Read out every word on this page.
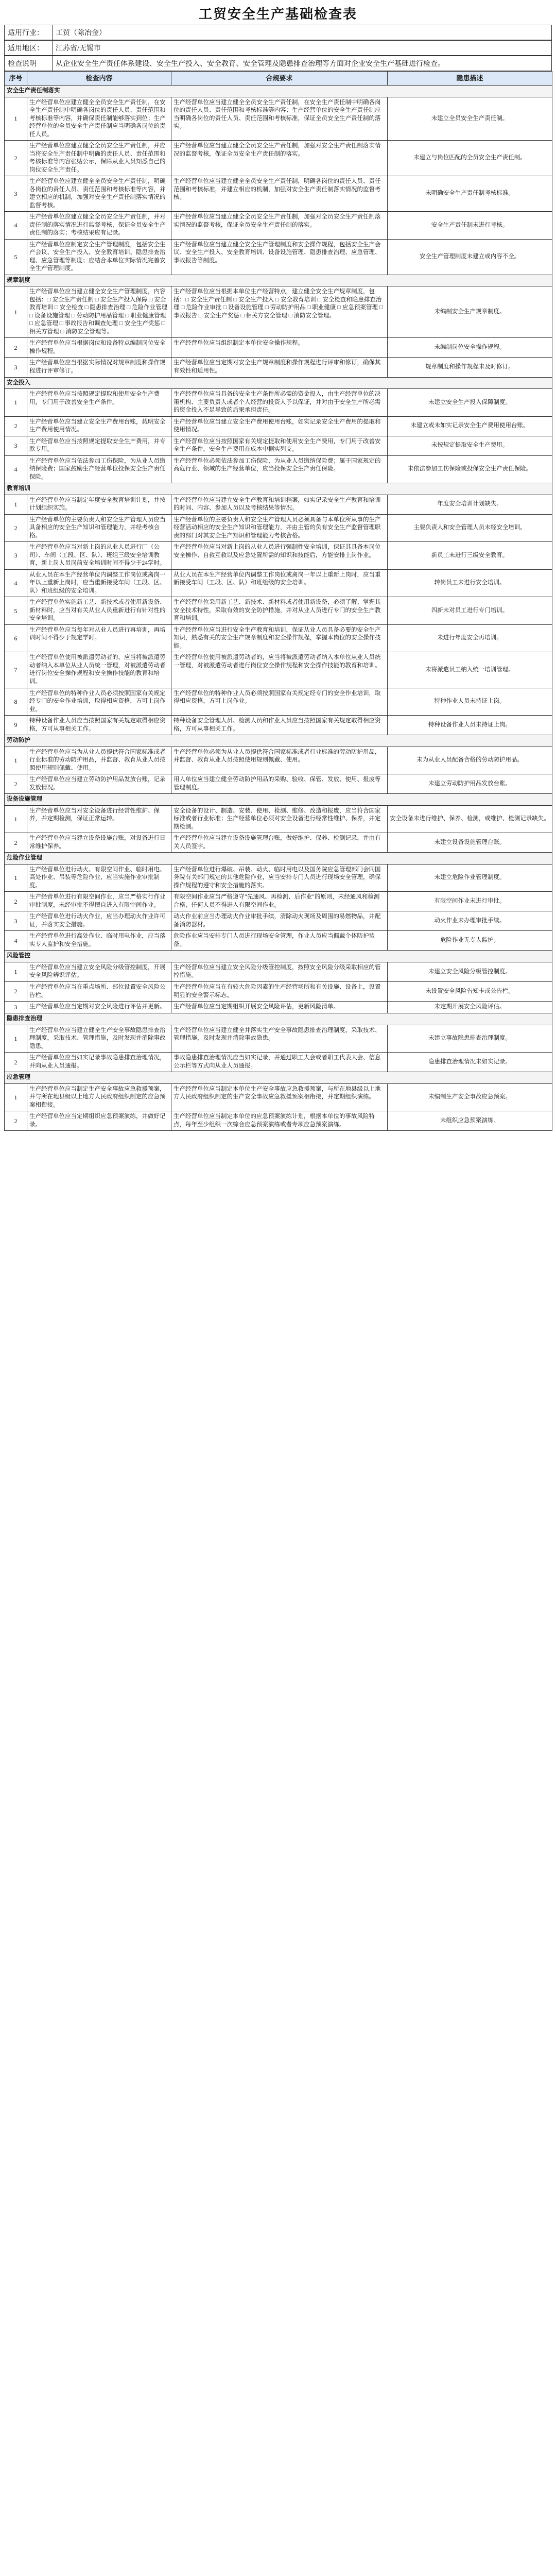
工贸安全生产基础检查表
适用行业：	工贸（除冶金）
适用地区：	江苏省/无锡市
检查说明	从企业安全生产责任体系建设、安全生产投入、安全教育、安全管理及隐患排查治理等方面对企业安全生产基础进行检查。
序号	检查内容	合规要求	隐患描述
安全生产责任制落实			
1	生产经营单位应建立健全全员安全生产责任制，在安全生产责任制中明确各岗位的责任人员、责任范围和考核标准等内容，并确保责任制能够落实到位；生产经营单位的全员安全生产责任制应当明确各岗位的责任人员。	生产经营单位应当建立健全全员安全生产责任制，在安全生产责任制中明确各岗位的责任人员、责任范围和考核标准等内容；生产经营单位的安全生产责任制应当明确各岗位的责任人员、责任范围和考核标准，保证全员安全生产责任制的落实。	未建立全员安全生产责任制。
2	生产经营单位应建立健全全员安全生产责任制，并应当将安全生产责任制中明确的责任人员、责任范围和考核标准等内容张贴公示，保障从业人员知悉自己的岗位安全生产责任。	生产经营单位应当建立健全全员安全生产责任制，加强对安全生产责任制落实情况的监督考核，保证全员安全生产责任制的落实。	未建立与岗位匹配的全员安全生产责任制。
3	生产经营单位应建立健全全员安全生产责任制，明确各岗位的责任人员、责任范围和考核标准等内容，并建立相应的机制，加强对安全生产责任制落实情况的监督考核。	生产经营单位应当建立健全全员安全生产责任制，明确各岗位的责任人员、责任范围和考核标准，并建立相应的机制，加强对安全生产责任制落实情况的监督考核。	未明确安全生产责任制考核标准。
4	生产经营单位应建立健全全员安全生产责任制，并对责任制的落实情况进行监督考核，保证全员安全生产责任制的落实；考核结果应有记录。	生产经营单位应当建立健全全员安全生产责任制，加强对全员安全生产责任制落实情况的监督考核，保证全员安全生产责任制的落实。	安全生产责任制未进行考核。
5	生产经营单位应制定安全生产管理制度，包括安全生产会议、安全生产投入、安全教育培训、隐患排查治理、应急管理等制度；应结合本单位实际情况完善安全生产管理制度。	生产经营单位应当建立健全安全生产管理制度和安全操作规程，包括安全生产会议、安全生产投入、安全教育培训、设备设施管理、隐患排查治理、应急管理、事故报告等制度。	安全生产管理制度未建立或内容不全。
规章制度			
1	生产经营单位应当建立健全安全生产管理制度，内容包括：□ 安全生产责任制 □ 安全生产投入保障 □ 安全教育培训 □ 安全检查 □ 隐患排查治理 □ 危险作业管理 □ 设备设施管理 □ 劳动防护用品管理 □ 职业健康管理 □ 应急管理 □ 事故报告和调查处理 □ 安全生产奖惩 □ 相关方管理 □ 消防安全管理等。	生产经营单位应当根据本单位生产经营特点，建立健全安全生产规章制度，包括：□ 安全生产责任制 □ 安全生产投入 □ 安全教育培训 □ 安全检查和隐患排查治理 □ 危险作业审批 □ 设备设施管理 □ 劳动防护用品 □ 职业健康 □ 应急预案管理 □ 事故报告 □ 安全生产奖惩 □ 相关方安全管理 □ 消防安全管理。	未编制安全生产规章制度。
2	生产经营单位应当根据岗位和设备特点编制岗位安全操作规程。	生产经营单位应当组织制定本单位安全操作规程。	未编制岗位安全操作规程。
3	生产经营单位应当根据实际情况对规章制度和操作规程进行评审修订。	生产经营单位应当定期对安全生产规章制度和操作规程进行评审和修订，确保其有效性和适用性。	规章制度和操作规程未及时修订。
安全投入			
1	生产经营单位应当按照规定提取和使用安全生产费用，专门用于改善安全生产条件。	生产经营单位应当具备的安全生产条件所必需的资金投入，由生产经营单位的决策机构、主要负责人或者个人经营的投资人予以保证，并对由于安全生产所必需的资金投入不足导致的后果承担责任。	未建立安全生产投入保障制度。
2	生产经营单位应当建立安全生产费用台账，载明安全生产费用使用情况。	生产经营单位应当建立安全生产费用使用台账，如实记录安全生产费用的提取和使用情况。	未建立或未如实记录安全生产费用使用台账。
3	生产经营单位应当按照规定提取安全生产费用，并专款专用。	生产经营单位应当按照国家有关规定提取和使用安全生产费用，专门用于改善安全生产条件，安全生产费用在成本中据实列支。	未按规定提取安全生产费用。
4	生产经营单位应当依法参加工伤保险，为从业人员缴纳保险费；国家鼓励生产经营单位投保安全生产责任保险。	生产经营单位必须依法参加工伤保险，为从业人员缴纳保险费；属于国家规定的高危行业、领域的生产经营单位，应当投保安全生产责任保险。	未依法参加工伤保险或投保安全生产责任保险。
教育培训			
1	生产经营单位应当制定年度安全教育培训计划，并按计划组织实施。	生产经营单位应当建立安全生产教育和培训档案，如实记录安全生产教育和培训的时间、内容、参加人员以及考核结果等情况。	年度安全培训计划缺失。
2	生产经营单位的主要负责人和安全生产管理人员应当具备相应的安全生产知识和管理能力，并经考核合格。	生产经营单位的主要负责人和安全生产管理人员必须具备与本单位所从事的生产经营活动相应的安全生产知识和管理能力，并由主管的负有安全生产监督管理职责的部门对其安全生产知识和管理能力考核合格。	主要负责人和安全管理人员未经安全培训。
3	生产经营单位应当对新上岗的从业人员进行厂（公司）、车间（工段、区、队）、班组三级安全培训教育，新上岗人员岗前安全培训时间不得少于24学时。	生产经营单位应当对新上岗的从业人员进行强制性安全培训，保证其具备本岗位安全操作、自救互救以及应急处置所需的知识和技能后，方能安排上岗作业。	新员工未进行三级安全教育。
4	从业人员在本生产经营单位内调整工作岗位或离岗一年以上重新上岗时，应当重新接受车间（工段、区、队）和班组级的安全培训。	从业人员在本生产经营单位内调整工作岗位或离岗一年以上重新上岗时，应当重新接受车间（工段、区、队）和班组级的安全培训。	转岗员工未进行安全培训。
5	生产经营单位实施新工艺、新技术或者使用新设备、新材料时，应当对有关从业人员重新进行有针对性的安全培训。	生产经营单位采用新工艺、新技术、新材料或者使用新设备，必须了解、掌握其安全技术特性，采取有效的安全防护措施，并对从业人员进行专门的安全生产教育和培训。	四新未对员工进行专门培训。
6	生产经营单位应当每年对从业人员进行再培训，再培训时间不得少于规定学时。	生产经营单位应当进行安全生产教育和培训，保证从业人员具备必要的安全生产知识，熟悉有关的安全生产规章制度和安全操作规程，掌握本岗位的安全操作技能。	未进行年度安全再培训。
7	生产经营单位使用被派遣劳动者的，应当将被派遣劳动者纳入本单位从业人员统一管理，对被派遣劳动者进行岗位安全操作规程和安全操作技能的教育和培训。	生产经营单位使用被派遣劳动者的，应当将被派遣劳动者纳入本单位从业人员统一管理，对被派遣劳动者进行岗位安全操作规程和安全操作技能的教育和培训。	未将派遣员工纳入统一培训管理。
8	生产经营单位的特种作业人员必须按照国家有关规定经专门的安全作业培训，取得相应资格，方可上岗作业。	生产经营单位的特种作业人员必须按照国家有关规定经专门的安全作业培训，取得相应资格，方可上岗作业。	特种作业人员未持证上岗。
9	特种设备作业人员应当按照国家有关规定取得相应资格，方可从事相关工作。	特种设备安全管理人员、检测人员和作业人员应当按照国家有关规定取得相应资格，方可从事相关工作。	特种设备作业人员未持证上岗。
劳动防护			
1	生产经营单位应当为从业人员提供符合国家标准或者行业标准的劳动防护用品，并监督、教育从业人员按照使用规则佩戴、使用。	生产经营单位必须为从业人员提供符合国家标准或者行业标准的劳动防护用品，并监督、教育从业人员按照使用规则佩戴、使用。	未为从业人员配备合格的劳动防护用品。
2	生产经营单位应当建立劳动防护用品发放台账，记录发放情况。	用人单位应当建立健全劳动防护用品的采购、验收、保管、发放、使用、报废等管理制度。	未建立劳动防护用品发放台账。
设备设施管理			
1	生产经营单位应当对安全设备进行经常性维护、保养，并定期检测，保证正常运转。	安全设备的设计、制造、安装、使用、检测、维修、改造和报废，应当符合国家标准或者行业标准；生产经营单位必须对安全设备进行经常性维护、保养，并定期检测。	安全设备未进行维护、保养、检测，或维护、检测记录缺失。
2	生产经营单位应当建立设备设施台账，对设备进行日常维护保养。	生产经营单位应当建立设备设施管理台账，做好维护、保养、检测记录，并由有关人员签字。	未建立设备设施管理台账。
危险作业管理			
1	生产经营单位进行动火、有限空间作业、临时用电、高处作业、吊装等危险作业，应当实施作业审批制度。	生产经营单位进行爆破、吊装、动火、临时用电以及国务院应急管理部门会同国务院有关部门规定的其他危险作业，应当安排专门人员进行现场安全管理，确保操作规程的遵守和安全措施的落实。	未建立危险作业管理制度。
2	生产经营单位进行有限空间作业，应当严格实行作业审批制度，未经审批不得擅自进入有限空间作业。	有限空间作业应当严格遵守"先通风、再检测、后作业"的原则，未经通风和检测合格，任何人员不得进入有限空间作业。	有限空间作业未进行审批。
3	生产经营单位进行动火作业，应当办理动火作业许可证，并落实安全措施。	动火作业前应当办理动火作业审批手续，清除动火现场及周围的易燃物品，并配备消防器材。	动火作业未办理审批手续。
4	生产经营单位进行高处作业、临时用电作业，应当落实专人监护和安全措施。	危险作业应当安排专门人员进行现场安全管理，作业人员应当佩戴个体防护装备。	危险作业无专人监护。
风险管控			
1	生产经营单位应当建立安全风险分级管控制度，开展安全风险辨识评估。	生产经营单位应当建立安全风险分级管控制度，按照安全风险分级采取相应的管控措施。	未建立安全风险分级管控制度。
2	生产经营单位应当在重点场所、部位设置安全风险公告栏。	生产经营单位应当在有较大危险因素的生产经营场所和有关设施、设备上，设置明显的安全警示标志。	未设置安全风险告知卡或公告栏。
3	生产经营单位应当定期对安全风险进行评估并更新。	生产经营单位应当定期组织开展安全风险评估，更新风险清单。	未定期开展安全风险评估。
隐患排查治理			
1	生产经营单位应当建立健全生产安全事故隐患排查治理制度，采取技术、管理措施，及时发现并消除事故隐患。	生产经营单位应当建立健全并落实生产安全事故隐患排查治理制度，采取技术、管理措施，及时发现并消除事故隐患。	未建立事故隐患排查治理制度。
2	生产经营单位应当如实记录事故隐患排查治理情况，并向从业人员通报。	事故隐患排查治理情况应当如实记录，并通过职工大会或者职工代表大会、信息公示栏等方式向从业人员通报。	隐患排查治理情况未如实记录。
应急管理			
1	生产经营单位应当制定生产安全事故应急救援预案，并与所在地县级以上地方人民政府组织制定的应急预案相衔接。	生产经营单位应当制定本单位生产安全事故应急救援预案，与所在地县级以上地方人民政府组织制定的生产安全事故应急救援预案相衔接，并定期组织演练。	未编制生产安全事故应急预案。
2	生产经营单位应当定期组织应急预案演练，并做好记录。	生产经营单位应当制定本单位的应急预案演练计划，根据本单位的事故风险特点，每年至少组织一次综合应急预案演练或者专项应急预案演练。	未组织应急预案演练。
